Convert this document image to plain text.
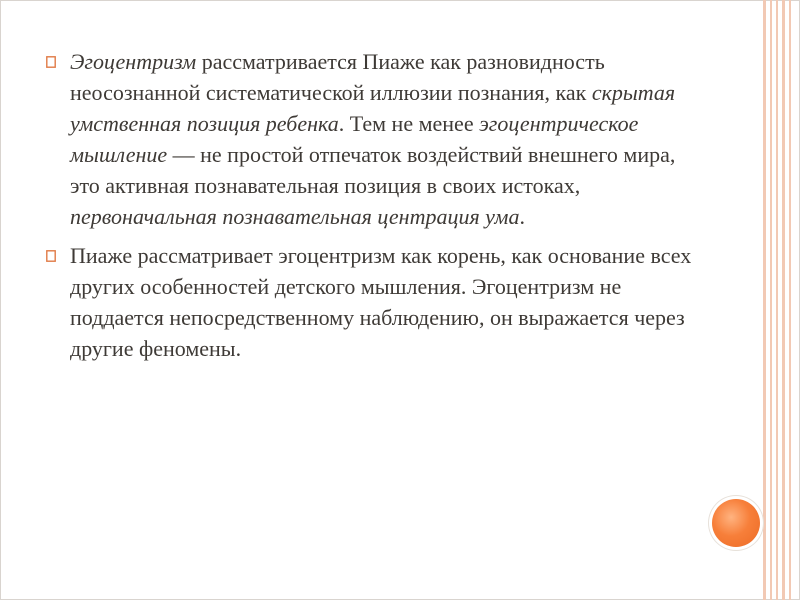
Эгоцентризм рассматривается Пиаже как разновидность неосознанной систематической иллюзии познания, как скрытая умственная позиция ребенка. Тем не менее эгоцентрическое мышление — не простой отпечаток воздействий внешнего мира, это активная познавательная позиция в своих истоках, первоначальная познавательная центрация ума.
Пиаже рассматривает эгоцентризм как корень, как основание всех других особенностей детского мышления. Эгоцентризм не поддается непосредственному наблюдению, он выражается через другие феномены.
